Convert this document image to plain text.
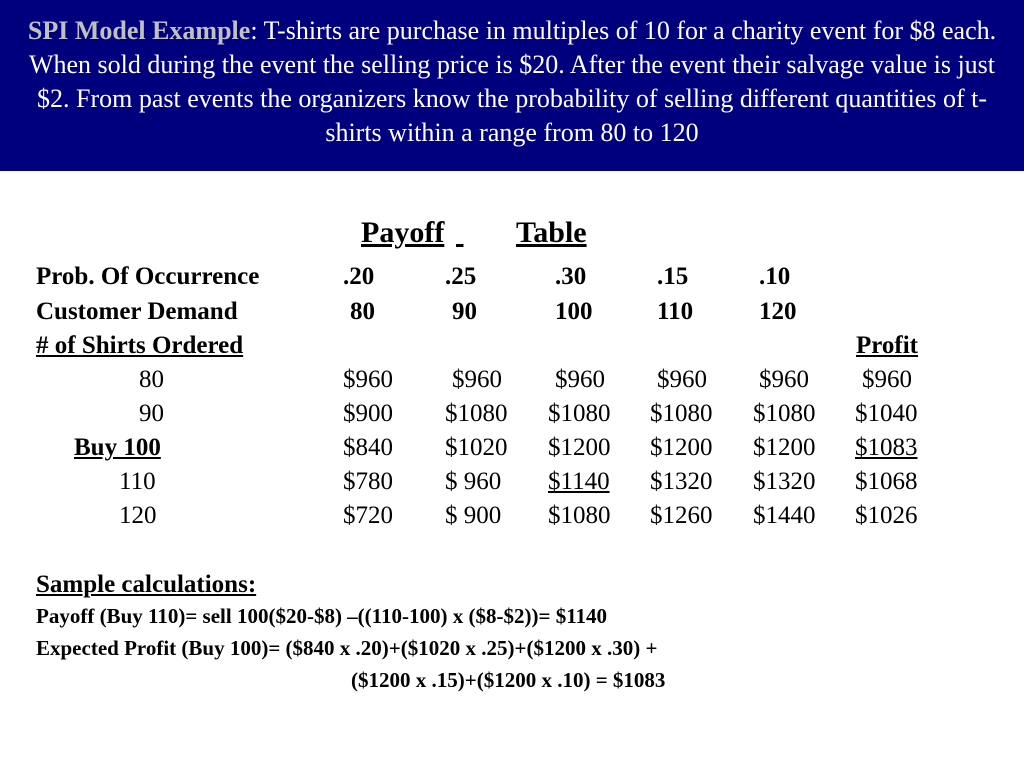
SPI Model Example: T-shirts are purchase in multiples of 10 for a charity event for $8 each. When sold during the event the selling price is $20. After the event their salvage value is just $2. From past events the organizers know the probability of selling different quantities of t-shirts within a range from 80 to 120
Payoff
Table
Prob. Of Occurrence	.20	.25	.30	.15	.10
Customer Demand	80	90	100	110	120
# of Shirts Ordered	Profit
80	$960 $960 $960 $960 $960 $960
90	$900 $1080 $1080 $1080 $1080 $1040
Buy 100	$840 $1020 $1200 $1200 $1200 $1083
110	$780 $ 960 $1140 $1320 $1320 $1068
120	$720 $ 900 $1080 $1260 $1440 $1026
Sample calculations:
Payoff (Buy 110)= sell 100($20-$8) –((110-100) x ($8-$2))= $1140
Expected Profit (Buy 100)= ($840 x .20)+($1020 x .25)+($1200 x .30) +
($1200 x .15)+($1200 x .10) = $1083
